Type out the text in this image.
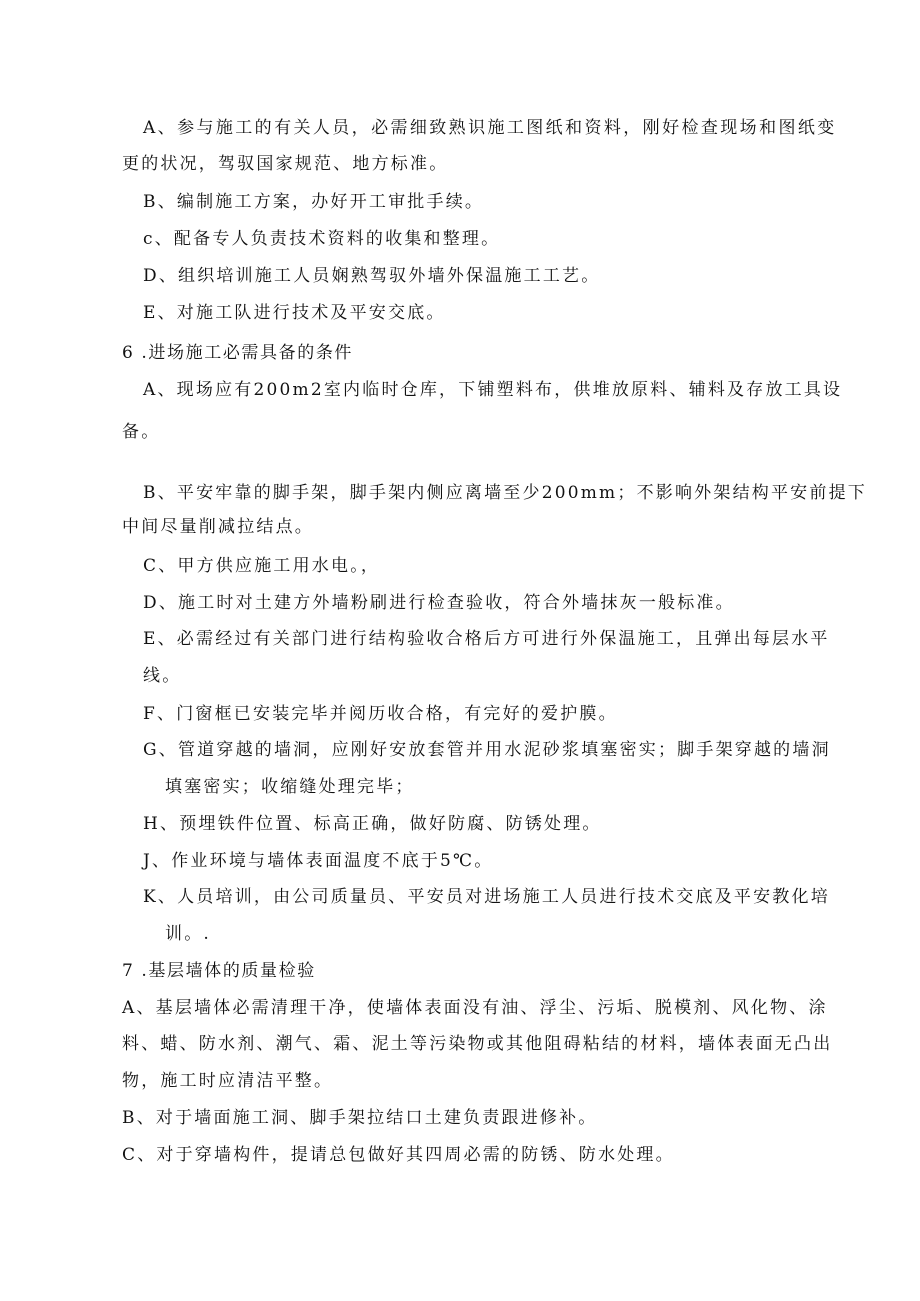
A、参与施工的有关人员，必需细致熟识施工图纸和资料，刚好检查现场和图纸变
更的状况，驾驭国家规范、地方标准。
B、编制施工方案，办好开工审批手续。
c、配备专人负责技术资料的收集和整理。
D、组织培训施工人员娴熟驾驭外墙外保温施工工艺。
E、对施工队进行技术及平安交底。
6 .进场施工必需具备的条件
A、现场应有200m2室内临时仓库，下铺塑料布，供堆放原料、辅料及存放工具设
备。
B、平安牢靠的脚手架，脚手架内侧应离墙至少200mm；不影响外架结构平安前提下
中间尽量削减拉结点。
C、甲方供应施工用水电。，
D、施工时对土建方外墙粉刷进行检查验收，符合外墙抹灰一般标准。
E、必需经过有关部门进行结构验收合格后方可进行外保温施工，且弹出每层水平
线。
F、门窗框已安装完毕并阅历收合格，有完好的爱护膜。
G、管道穿越的墙洞，应刚好安放套管并用水泥砂浆填塞密实；脚手架穿越的墙洞
填塞密实；收缩缝处理完毕；
H、预埋铁件位置、标高正确，做好防腐、防锈处理。
J、作业环境与墙体表面温度不底于5℃。
K、人员培训，由公司质量员、平安员对进场施工人员进行技术交底及平安教化培
训。.
7 .基层墙体的质量检验
A、基层墙体必需清理干净，使墙体表面没有油、浮尘、污垢、脱模剂、风化物、涂
料、蜡、防水剂、潮气、霜、泥土等污染物或其他阻碍粘结的材料，墙体表面无凸出
物，施工时应清洁平整。
B、对于墙面施工洞、脚手架拉结口土建负责跟进修补。
C、对于穿墙构件，提请总包做好其四周必需的防锈、防水处理。
